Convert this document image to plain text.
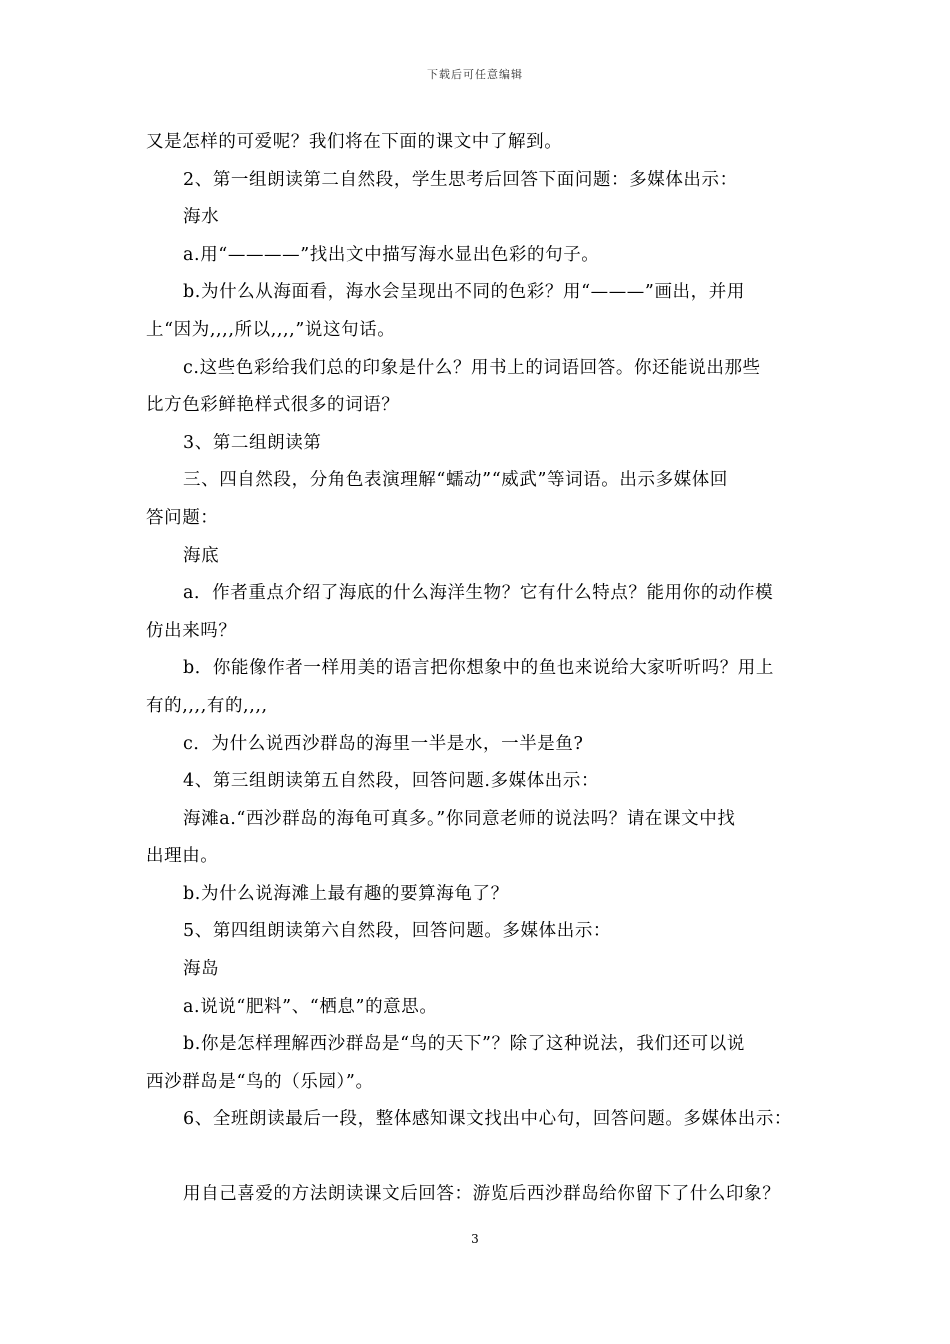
下载后可任意编辑

又是怎样的可爱呢？我们将在下面的课文中了解到。

2、第一组朗读第二自然段，学生思考后回答下面问题：多媒体出示：

海水

a.用“————”找出文中描写海水显出色彩的句子。

b.为什么从海面看，海水会呈现出不同的色彩？用“———”画出，并用

上“因为,,,,所以,,,,”说这句话。

c.这些色彩给我们总的印象是什么？用书上的词语回答。你还能说出那些

比方色彩鲜艳样式很多的词语？

3、第二组朗读第

三、四自然段，分角色表演理解“蠕动”“威武”等词语。出示多媒体回

答问题：

海底

a．作者重点介绍了海底的什么海洋生物？它有什么特点？能用你的动作模

仿出来吗？

b．你能像作者一样用美的语言把你想象中的鱼也来说给大家听听吗？用上

有的,,,,有的,,,,

c．为什么说西沙群岛的海里一半是水，一半是鱼?

4、第三组朗读第五自然段，回答问题.多媒体出示：

海滩a.“西沙群岛的海龟可真多。”你同意老师的说法吗？请在课文中找

出理由。

b.为什么说海滩上最有趣的要算海龟了？

5、第四组朗读第六自然段，回答问题。多媒体出示：

海岛

a.说说“肥料”、“栖息”的意思。

b.你是怎样理解西沙群岛是“鸟的天下”？除了这种说法，我们还可以说

西沙群岛是“鸟的（乐园）”。

6、全班朗读最后一段，整体感知课文找出中心句，回答问题。多媒体出示：

用自己喜爱的方法朗读课文后回答：游览后西沙群岛给你留下了什么印象？

3
